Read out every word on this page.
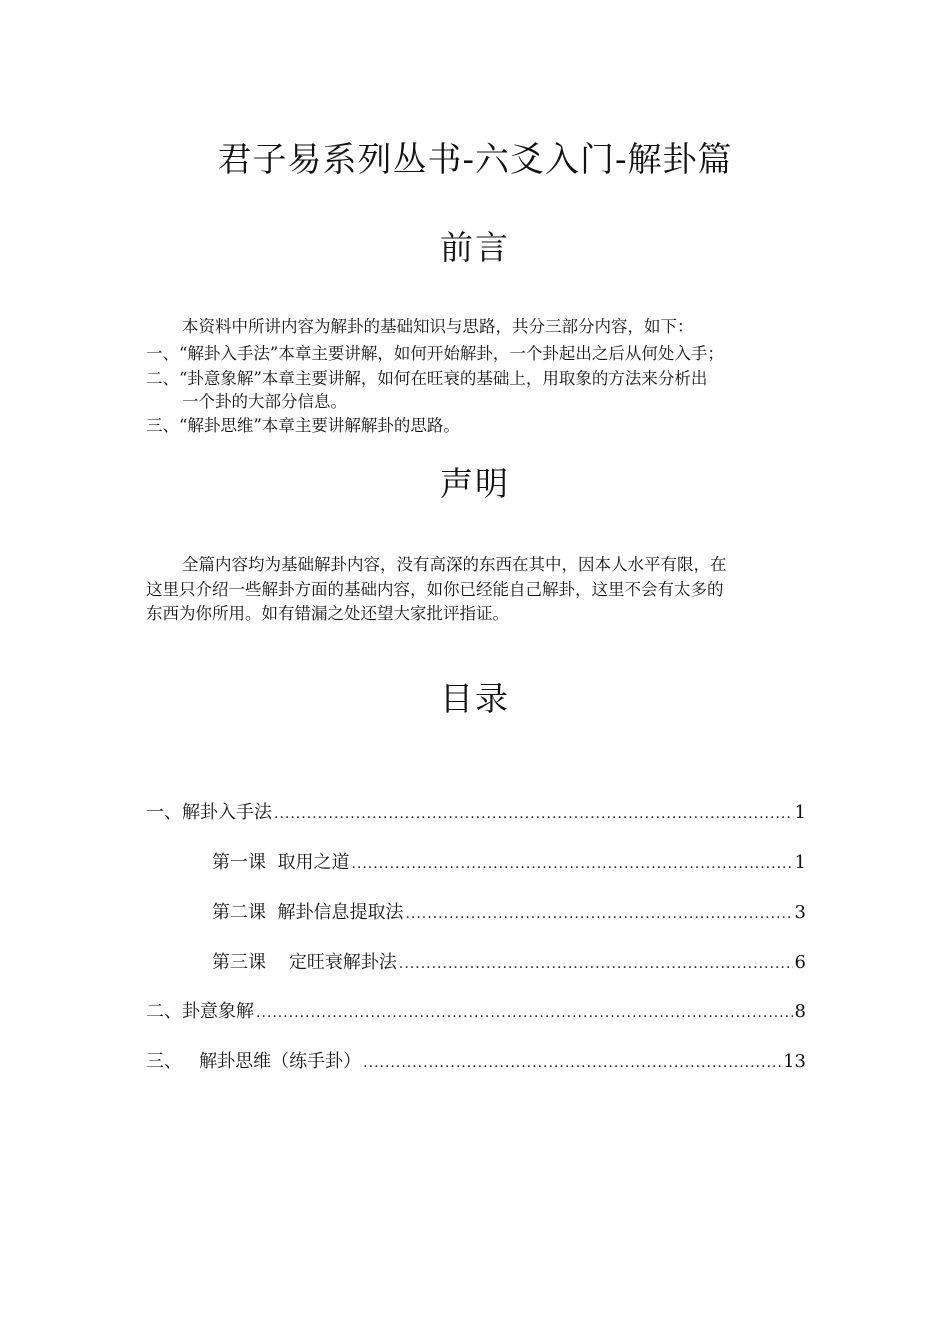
君子易系列丛书-六爻入门-解卦篇
前言
本资料中所讲内容为解卦的基础知识与思路，共分三部分内容，如下：
一、“解卦入手法”本章主要讲解，如何开始解卦，一个卦起出之后从何处入手；
二、“卦意象解”本章主要讲解，如何在旺衰的基础上，用取象的方法来分析出
一个卦的大部分信息。
三、“解卦思维”本章主要讲解解卦的思路。
声明
全篇内容均为基础解卦内容，没有高深的东西在其中，因本人水平有限，在
这里只介绍一些解卦方面的基础内容，如你已经能自己解卦，这里不会有太多的
东西为你所用。如有错漏之处还望大家批评指证。
目录
一、解卦入手法 .....	1
第一课  取用之道 .....	1
第二课  解卦信息提取法 .....	3
第三课    定旺衰解卦法 .....	6
二、卦意象解 .....	8
三、   解卦思维（练手卦） .....	13
